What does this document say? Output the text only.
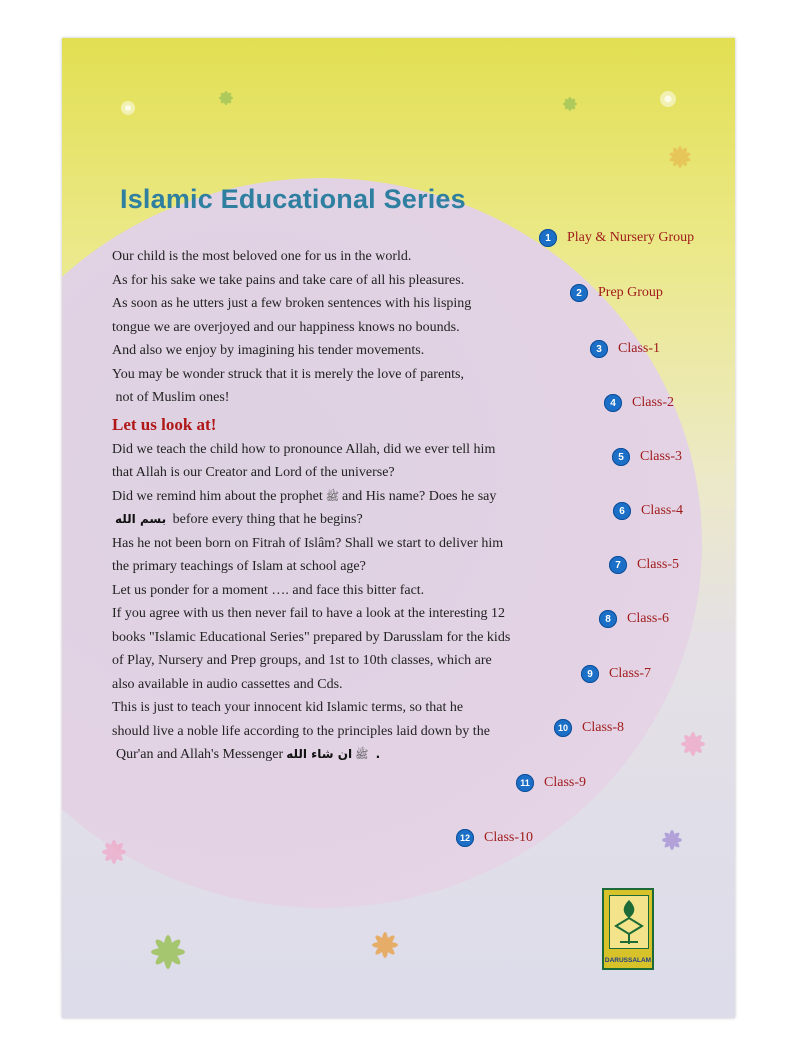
Islamic Educational Series
Our child is the most beloved one for us in the world.
As for his sake we take pains and take care of all his pleasures.
As soon as he utters just a few broken sentences with his lisping
tongue we are overjoyed and our happiness knows no bounds.
And also we enjoy by imagining his tender movements.
You may be wonder struck that it is merely the love of parents,
not of Muslim ones!
Let us look at!
Did we teach the child how to pronounce Allah, did we ever tell him
that Allah is our Creator and Lord of the universe?
Did we remind him about the prophet ﷺ and His name? Does he say
بسم الله before every thing that he begins?
Has he not been born on Fitrah of Islâm? Shall we start to deliver him
the primary teachings of Islam at school age?
Let us ponder for a moment …. and face this bitter fact.
If you agree with us then never fail to have a look at the interesting 12
books "Islamic Educational Series" prepared by Darusslam for the kids
of Play, Nursery and Prep groups, and 1st to 10th classes, which are
also available in audio cassettes and Cds.
This is just to teach your innocent kid Islamic terms, so that he
should live a noble life according to the principles laid down by the
Qur'an and Allah's Messenger	ﷺان شاء الله .
1	Play & Nursery Group
2	Prep Group
3	Class-1
4	Class-2
5	Class-3
6	Class-4
7	Class-5
8	Class-6
9	Class-7
10 Class-8
11	Class-9
12 Class-10
DARUSSALAM
